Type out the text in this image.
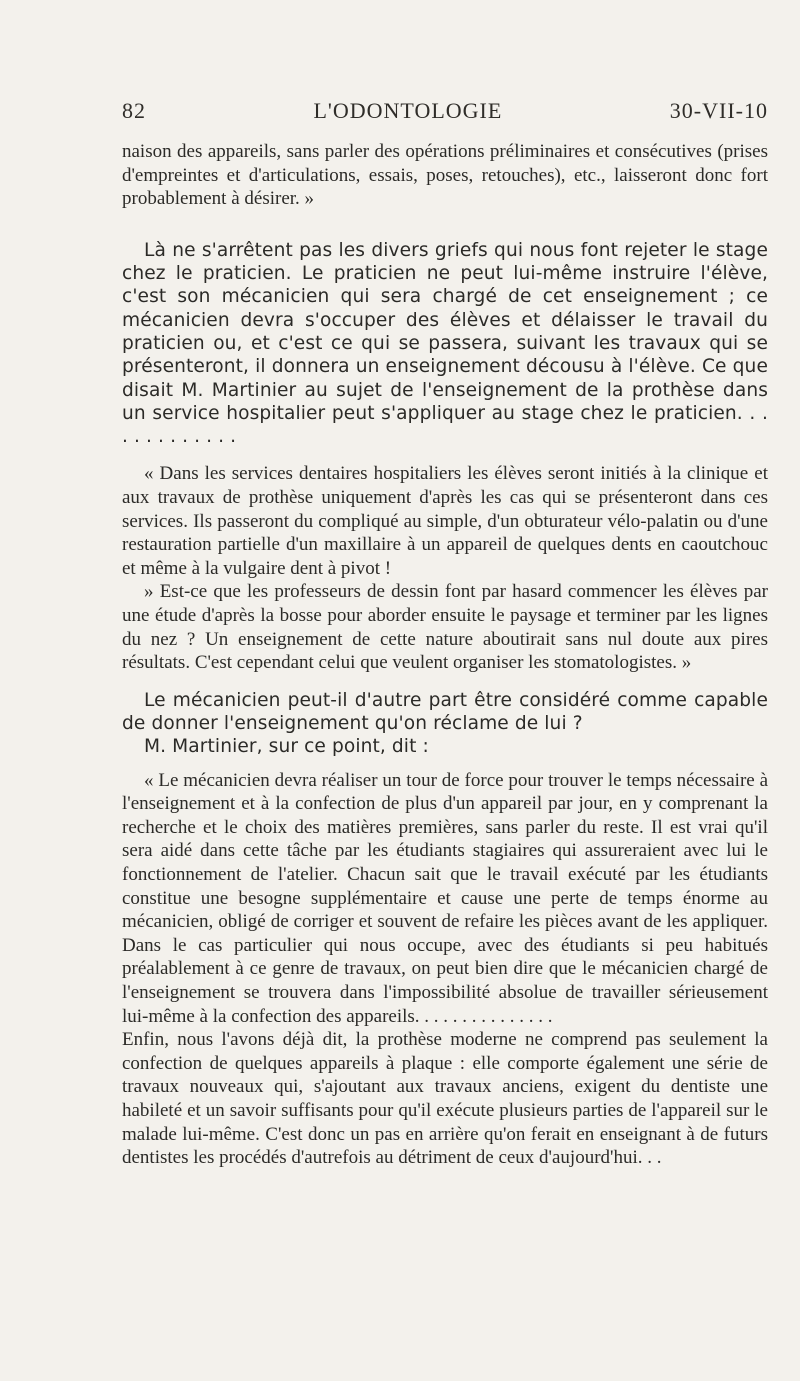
82	L'ODONTOLOGIE	30-VII-10

naison des appareils, sans parler des opérations préliminaires et consécutives (prises d'empreintes et d'articulations, essais, poses, retouches), etc., laisseront donc fort probablement à désirer. »

Là ne s'arrêtent pas les divers griefs qui nous font rejeter le stage chez le praticien. Le praticien ne peut lui-même instruire l'élève, c'est son mécanicien qui sera chargé de cet enseignement ; ce mécanicien devra s'occuper des élèves et délaisser le travail du praticien ou, et c'est ce qui se passera, suivant les travaux qui se présenteront, il donnera un enseignement décousu à l'élève. Ce que disait M. Martinier au sujet de l'enseignement de la prothèse dans un service hospitalier peut s'appliquer au stage chez le praticien. . . . . . . . . . . . .

« Dans les services dentaires hospitaliers les élèves seront initiés à la clinique et aux travaux de prothèse uniquement d'après les cas qui se présenteront dans ces services. Ils passeront du compliqué au simple, d'un obturateur vélo-palatin ou d'une restauration partielle d'un maxillaire à un appareil de quelques dents en caoutchouc et même à la vulgaire dent à pivot !

» Est-ce que les professeurs de dessin font par hasard commencer les élèves par une étude d'après la bosse pour aborder ensuite le paysage et terminer par les lignes du nez ? Un enseignement de cette nature aboutirait sans nul doute aux pires résultats. C'est cependant celui que veulent organiser les stomatologistes. »

Le mécanicien peut-il d'autre part être considéré comme capable de donner l'enseignement qu'on réclame de lui ?

M. Martinier, sur ce point, dit :

« Le mécanicien devra réaliser un tour de force pour trouver le temps nécessaire à l'enseignement et à la confection de plus d'un appareil par jour, en y comprenant la recherche et le choix des matières premières, sans parler du reste. Il est vrai qu'il sera aidé dans cette tâche par les étudiants stagiaires qui assureraient avec lui le fonctionnement de l'atelier. Chacun sait que le travail exécuté par les étudiants constitue une besogne supplémentaire et cause une perte de temps énorme au mécanicien, obligé de corriger et souvent de refaire les pièces avant de les appliquer. Dans le cas particulier qui nous occupe, avec des étudiants si peu habitués préalablement à ce genre de travaux, on peut bien dire que le mécanicien chargé de l'enseignement se trouvera dans l'impossibilité absolue de travailler sérieusement lui-même à la confection des appareils. . . . . . . . . . . . . . .

Enfin, nous l'avons déjà dit, la prothèse moderne ne comprend pas seulement la confection de quelques appareils à plaque : elle comporte également une série de travaux nouveaux qui, s'ajoutant aux travaux anciens, exigent du dentiste une habileté et un savoir suffisants pour qu'il exécute plusieurs parties de l'appareil sur le malade lui-même. C'est donc un pas en arrière qu'on ferait en enseignant à de futurs dentistes les procédés d'autrefois au détriment de ceux d'aujourd'hui. . .
